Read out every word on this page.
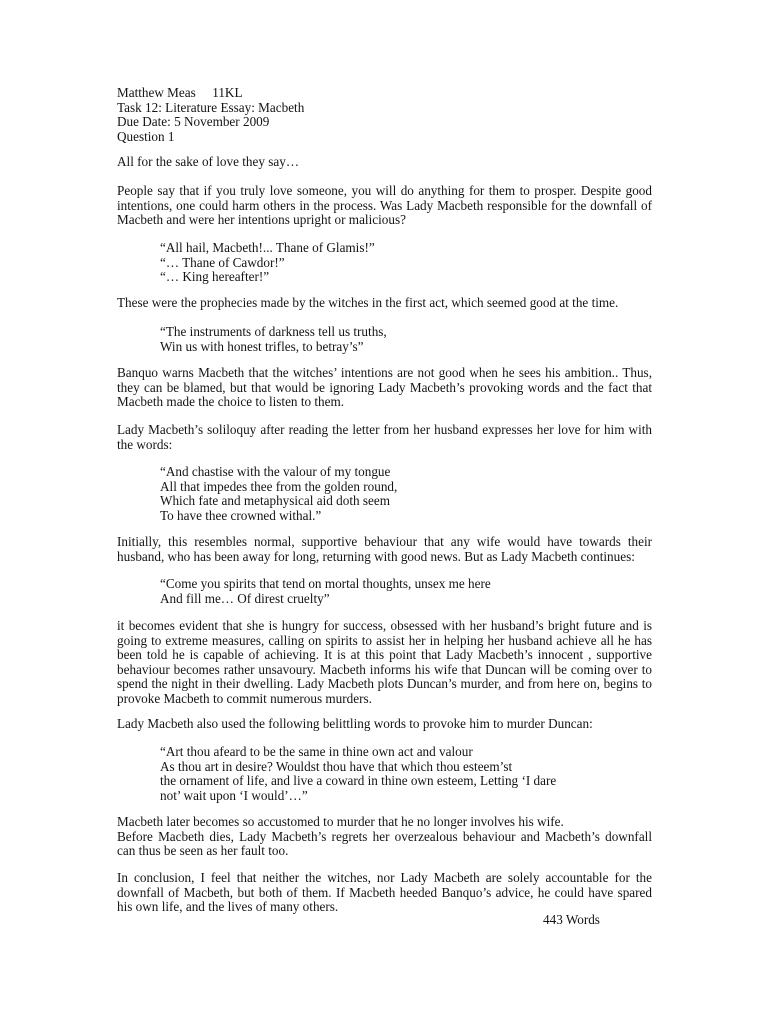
Matthew Meas     11KL
Task 12: Literature Essay: Macbeth
Due Date: 5 November 2009
Question 1

All for the sake of love they say…

People say that if you truly love someone, you will do anything for them to prosper. Despite good intentions, one could harm others in the process. Was Lady Macbeth responsible for the downfall of Macbeth and were her intentions upright or malicious?

“All hail, Macbeth!... Thane of Glamis!”
“… Thane of Cawdor!”
“… King hereafter!”

These were the prophecies made by the witches in the first act, which seemed good at the time.

“The instruments of darkness tell us truths,
Win us with honest trifles, to betray’s”

Banquo warns Macbeth that the witches’ intentions are not good when he sees his ambition.. Thus, they can be blamed, but that would be ignoring Lady Macbeth’s provoking words and the fact that Macbeth made the choice to listen to them.

Lady Macbeth’s soliloquy after reading the letter from her husband expresses her love for him with the words:

“And chastise with the valour of my tongue
All that impedes thee from the golden round,
Which fate and metaphysical aid doth seem
To have thee crowned withal.”

Initially, this resembles normal, supportive behaviour that any wife would have towards their husband, who has been away for long, returning with good news. But as Lady Macbeth continues:

“Come you spirits that tend on mortal thoughts, unsex me here
And fill me… Of direst cruelty”

it becomes evident that she is hungry for success, obsessed with her husband’s bright future and is going to extreme measures, calling on spirits to assist her in helping her husband achieve all he has been told he is capable of achieving. It is at this point that Lady Macbeth’s innocent , supportive behaviour becomes rather unsavoury. Macbeth informs his wife that Duncan will be coming over to spend the night in their dwelling. Lady Macbeth plots Duncan’s murder, and from here on, begins to provoke Macbeth to commit numerous murders.

Lady Macbeth also used the following belittling words to provoke him to murder Duncan:

“Art thou afeard to be the same in thine own act and valour
As thou art in desire? Wouldst thou have that which thou esteem’st
the ornament of life, and live a coward in thine own esteem, Letting ‘I dare
not’ wait upon ‘I would’…”
Macbeth later becomes so accustomed to murder that he no longer involves his wife.
Before Macbeth dies, Lady Macbeth’s regrets her overzealous behaviour and Macbeth’s downfall can thus be seen as her fault too.

In conclusion, I feel that neither the witches, nor Lady Macbeth are solely accountable for the downfall of Macbeth, but both of them. If Macbeth heeded Banquo’s advice, he could have spared his own life, and the lives of many others.

443 Words
